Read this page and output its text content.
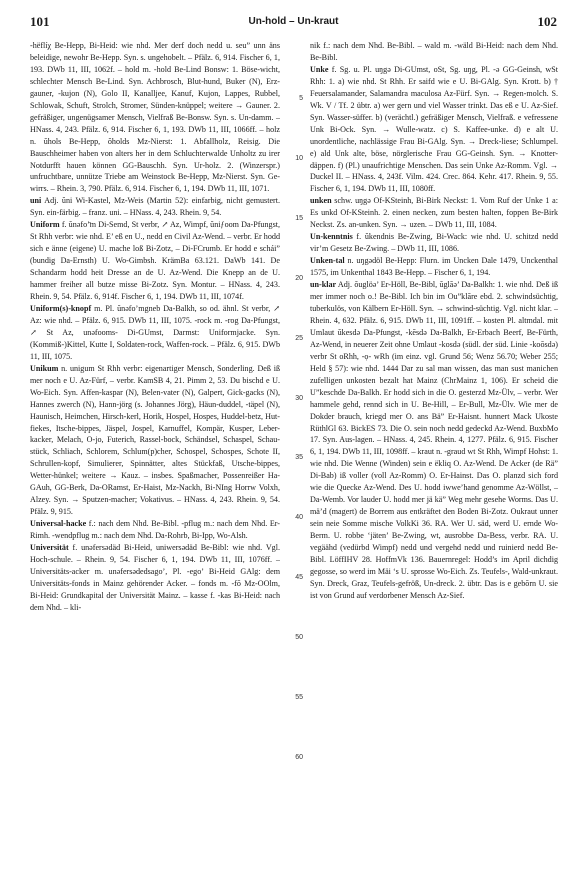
101	Un-hold – Un-kraut	102

-hëflíχ Be-Hepp, Bi-Heid: wie nhd. Mer derf doch nedd u. seu” unn äns beleidige, newohr Be-Hepp. Syn. s. ungehobelt. – Pfälz. 6, 914. Fischer 6, 1, 193. DWb 11, III, 1062f. – hold m. -hold Be-Lind Bonsw: 1. Böse-wicht, schlechter Mensch Be-Lind. Syn. Achbrosch, Blut-hund, Buker (N), Erz-gauner, -kujon (N), Golo II, Kanalljee, Kanuf, Kujon, Lappes, Rubbel, Schlowak, Schuft, Strolch, Stromer, Sünden-knüppel; weitere → Gauner. 2. gefräßiger, ungenügsamer Mensch, Vielfraß Be-Bonsw. Syn. s. Un-damm. – HNass. 4, 243. Pfälz. 6, 914. Fischer 6, 1, 193. DWb 11, III, 1066ff. – holz n. ŭhols Be-Hepp, ŏholds Mz-Nierst: 1. Abfallholz, Reisig. Die Bauschheimer haben von alters her in dem Schluchterwalde Unholtz zu irer Notdurfft hauen können GG-Bauschh. Syn. Ur-holz. 2. (Winzerspr.) unfruchtbare, unnütze Triebe am Weinstock Be-Hepp, Mz-Nierst. Syn. Ge-wirrs. – Rhein. 3, 790. Pfälz. 6, 914. Fischer 6, 1, 194. DWb 11, III, 1071.

uni Adj. ŭni Wi-Kastel, Mz-Weis (Martin 52): einfarbig, nicht gemustert. Syn. ein-färbig. – franz. uni. – HNass. 4, 243. Rhein. 9, 54.

Uniform f. ŭnəfo’̄m Di-Semd, St verbr, ↗ Az, Wimpf, ŭniƒoom Da-Pfungst, St Rhh verbr: wie nhd. E’ eß en U., nedd en Civil Az-Wend. – verbr. Er hodd sich e änne (eigene) U. mache loß Bi-Zotz, – Di-FCrumb. Er hodd e schái” (bundig Da-Ernsth) U. Wo-Gimbsh. KrämBa 63.121. DaWb 141. De Schandarm hodd heit Dresse an de U. Az-Wend. Die Knepp an de U. hammer freiher all butze misse Bi-Zotz. Syn. Montur. – HNass. 4, 243. Rhein. 9, 54. Pfälz. 6, 914f. Fischer 6, 1, 194. DWb 11, III, 1074f.

Uniform(s)-knopf m. Pl. ŭnəfo’mgneb Da-Balkh, so od. ähnl. St verbr, ↗ Az: wie nhd. – Pfälz. 6, 915. DWb 11, III, 1075. -rock m. -rog Da-Pfungst, ↗ St Az, unəfooms- Di-GUmst, Darmst: Uniformjacke. Syn. (Kommiß-)Kittel, Kutte I, Soldaten-rock, Waffen-rock. – Pfälz. 6, 915. DWb 11, III, 1075.

Unikum n. unigum St Rhh verbr: eigenartiger Mensch, Sonderling. Deß iß mer noch e U. Az-Fürf, – verbr. KamSB 4, 21. Pimm 2, 53. Du bischd e U. Wo-Eich. Syn. Affen-kaspar (N), Belen-vater (N), Galpert, Gick-gacks (N), Hannes zwerch (N), Hann-jörg (s. Johannes Jörg), Häun-duddel, -täpel (N), Haunisch, Heimchen, Hirsch-kerl, Horik, Hospel, Hospes, Huddel-betz, Hut-fiekes, Itsche-bippes, Jäspel, Jospel, Karnuffel, Kompär, Kusper, Leber-kacker, Melach, O-jo, Futerich, Rassel-bock, Schändsel, Schaspel, Schau-stück, Schliach, Schlorem, Schlum(p)cher, Schospel, Schospes, Schote II, Schrullen-kopf, Simulierer, Spinnätter, altes Stückfaß, Utsche-bippes, Wetter-hünkel; weitere → Kauz. – insbes. Spaßmacher, Possenreißer Ha-GAuh, GG-Berk, Da-ORamst, Er-Haist, Mz-Nackh, Bi-NIng Horrw Volxh, Alzey. Syn. → Sputzen-macher; Vokativus. – HNass. 4, 243. Rhein. 9, 54. Pfälz. 9, 915.

Universal-hacke f.: nach dem Nhd. Be-Bibl. -pflug m.: nach dem Nhd. Er-Rimh. -wendpflug m.: nach dem Nhd. Da-Rohrb, Bi-Ipp, Wo-Alsh.

Universität f. unəfersədäd Bi-Heid, uniwersədäd Be-Bibl: wie nhd. Vgl. Hoch-schule. – Rhein. 9, 54. Fischer 6, 1, 194. DWb 11, III, 1076ff. – Universitäts-acker m. unəfersədedsago’, Pl. -ego’ Bi-Heid GAlg: dem Universitäts-fonds in Mainz gehörender Acker. – fonds m. -fō Mz-OOlm, Bi-Heid: Grundkapital der Universität Mainz. – kasse f. -kas Bi-Heid: nach dem Nhd. – kli-

5
10
15
20
25
30
35
40
45
50
55
60

nik f.: nach dem Nhd. Be-Bibl. – wald m. -wäld Bi-Heid: nach dem Nhd. Be-Bibl.

Unke f. Sg. u. Pl. uŋgə Di-GUmst, oSt, Sg. uŋg, Pl. -ə GG-Geinsh, wSt Rhh: 1. a) wie nhd. St Rhh. Er saifd wie e U. Bi-GAlg. Syn. Krott. b) † Feuersalamander, Salamandra maculosa Az-Fürf. Syn. → Regen-molch. S. Wk. V / Tf. 2 übtr. a) wer gern und viel Wasser trinkt. Das eß e U. Az-Sief. Syn. Wasser-süffer. b) (verächtl.) gefräßiger Mensch, Vielfraß. e vefressene Unk Bi-Ock. Syn. → Wulle-watz. c) S. Kaffee-unke. d) e alt U. unordentliche, nachlässige Frau Bi-GAlg. Syn. → Dreck-liese; Schlumpel. e) ald Unk alte, böse, nörglerische Frau GG-Geinsh. Syn. → Knotter-däppen. f) (Pl.) unaufrichtige Menschen. Das sein Unke Az-Romm. Vgl. → Duckel II. – HNass. 4, 243f. Vilm. 424. Crec. 864. Kehr. 417. Rhein. 9, 55. Fischer 6, 1, 194. DWb 11, III, 1080ff.

unken schw. uŋgə Of-KSteinh, Bi-Birk Neckst: 1. Vom Ruf der Unke 1 a: Es unkd Of-KSteinh. 2. einen necken, zum besten halten, foppen Be-Birk Neckst. Zs. an-unken. Syn. → uzen. – DWb 11, III, 1084.

Un-kenntnis f. ŭkendnis Be-Zwing, Bi-Wack: wie nhd. U. schitzd nedd vir’m Gesetz Be-Zwing. – DWb 11, III, 1086.

Unken-tal n. uŋgədöl Be-Hepp: Flurn. im Uncken Dale 1479, Unckenthal 1575, im Unkenthal 1843 Be-Hepp. – Fischer 6, 1, 194.

un-klar Adj. ŏuglöə’ Er-Höll, Be-Bibl, ŭglāə’ Da-Balkh: 1. wie nhd. Deß iß mer immer noch o.! Be-Bibl. Ich bin im Ou”klāre ebd. 2. schwindsüchtig, tuberkulös, von Kälbern Er-Höll. Syn. → schwind-süchtig. Vgl. nicht klar. – Rhein. 4, 632. Pfälz. 6, 915. DWb 11, III, 1091ff. – kosten Pl. altmdal. mit Umlaut ŭkesdə Da-Pfungst, -kēsdə Da-Balkh, Er-Erbach Beerf, Be-Fürth, Az-Wend, in neuerer Zeit ohne Umlaut -kosdə (südl. der süd. Linie -koōsdə) verbr St oRhh, -ọ- wRh (im einz. vgl. Grund 56; Wenz 56.70; Weber 255; Held § 57): wie nhd. 1444 Dar zu sal man wissen, das man sust manichen zufelligen unkosten bezalt hat Mainz (ChrMainz 1, 106). Er scheid die U”keschde Da-Balkh. Er hodd sich in die O. gesterzd Mz-Ülv, – verbr. Wer hammele gehd, rennd sich in U. Be-Hill, – Er-Bull, Mz-Ülv. Wie mer de Dokder brauch, kriegd mer O. ans Bä” Er-Haisnt. hunnert Mack Ukoste RüthlGl 63. BickES 73. Die O. sein noch nedd gedeckd Az-Wend. BuxbMo 17. Syn. Aus-lagen. – HNass. 4, 245. Rhein. 4, 1277. Pfälz. 6, 915. Fischer 6, 1, 194. DWb 11, III, 1098ff. – kraut n. -graud wt St Rhh, Wimpf Hohst: 1. wie nhd. Die Wenne (Winden) sein e ëkliq O. Az-Wend. De Acker (de Rä” Di-Bab) iß voller (voll Az-Romm) O. Er-Hainst. Das O. planzd sich ford wie die Quecke Az-Wend. Des U. hodd iwwe’hand genomme Az-Wöllst, – Da-Wemb. Vor lauder U. hodd mer jä kä” Weg mehr gesehe Worms. Das U. mä’d (magert) de Borrem aus entkräftet den Boden Bi-Zotz. Oukraut unner sein neie Somme mische VolkKi 36. RA. Wer U. säd, werd U. ernde Wo-Berm. U. robbe ‘jäten’ Be-Zwing, wt, ausrobbe Da-Bess, verbr. RA. U. vegäähd (vedürbd Wimpf) nedd und vergehd nedd und ruinierd nedd Be-Bibl. LöffIHV 28. HoffmVk 136. Bauernregel: Hodd’s im April dichdig gegosse, so werd im Mäi ‘s U. sprosse Wo-Eich. Zs. Teufels-, Wald-unkraut. Syn. Dreck, Graz, Teufels-gefröß, Un-dreck. 2. übtr. Das is e gebōrn U. sie ist von Grund auf verdorbener Mensch Az-Sief.
